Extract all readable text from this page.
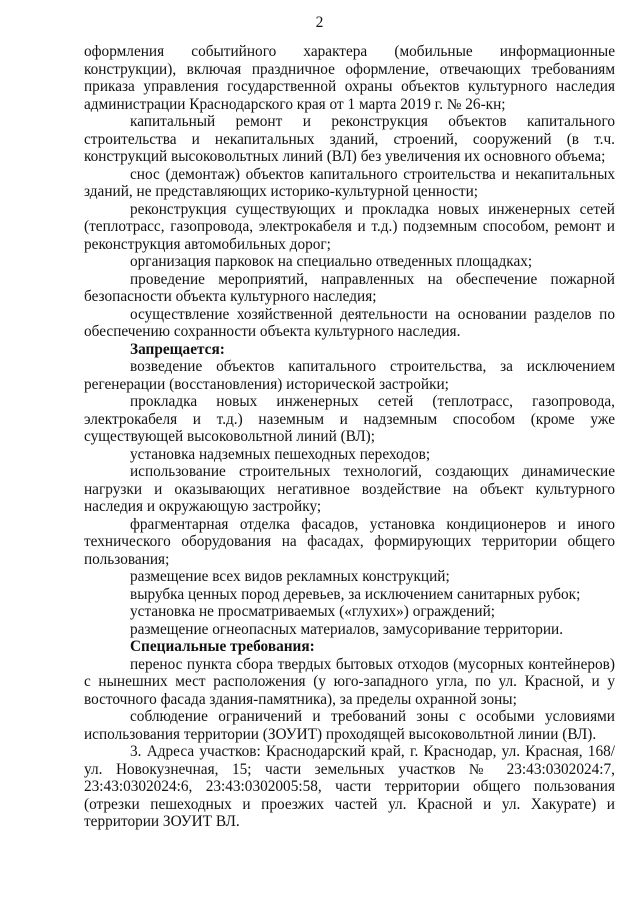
2

оформления событийного характера (мобильные информационные конструкции), включая праздничное оформление, отвечающих требованиям приказа управления государственной охраны объектов культурного наследия администрации Краснодарского края от 1 марта 2019 г. № 26-кн;

капитальный ремонт и реконструкция объектов капитального строительства и некапитальных зданий, строений, сооружений (в т.ч. конструкций высоковольтных линий (ВЛ) без увеличения их основного объема;

снос (демонтаж) объектов капитального строительства и некапитальных зданий, не представляющих историко-культурной ценности;

реконструкция существующих и прокладка новых инженерных сетей (теплотрасс, газопровода, электрокабеля и т.д.) подземным способом, ремонт и реконструкция автомобильных дорог;

организация парковок на специально отведенных площадках;

проведение мероприятий, направленных на обеспечение пожарной безопасности объекта культурного наследия;

осуществление хозяйственной деятельности на основании разделов по обеспечению сохранности объекта культурного наследия.

Запрещается:

возведение объектов капитального строительства, за исключением регенерации (восстановления) исторической застройки;

прокладка новых инженерных сетей (теплотрасс, газопровода, электрокабеля и т.д.) наземным и надземным способом (кроме уже существующей высоковольтной линий (ВЛ);

установка надземных пешеходных переходов;

использование строительных технологий, создающих динамические нагрузки и оказывающих негативное воздействие на объект культурного наследия и окружающую застройку;

фрагментарная отделка фасадов, установка кондиционеров и иного технического оборудования на фасадах, формирующих территории общего пользования;

размещение всех видов рекламных конструкций;

вырубка ценных пород деревьев, за исключением санитарных рубок;

установка не просматриваемых («глухих») ограждений;

размещение огнеопасных материалов, замусоривание территории.

Специальные требования:

перенос пункта сбора твердых бытовых отходов (мусорных контейнеров) с нынешних мест расположения (у юго-западного угла, по ул. Красной, и у восточного фасада здания-памятника), за пределы охранной зоны;

соблюдение ограничений и требований зоны с особыми условиями использования территории (ЗОУИТ) проходящей высоковольтной линии (ВЛ).

3. Адреса участков: Краснодарский край, г. Краснодар, ул. Красная, 168/ул. Новокузнечная, 15; части земельных участков № 23:43:0302024:7, 23:43:0302024:6, 23:43:0302005:58, части территории общего пользования (отрезки пешеходных и проезжих частей ул. Красной и ул. Хакурате) и территории ЗОУИТ ВЛ.
